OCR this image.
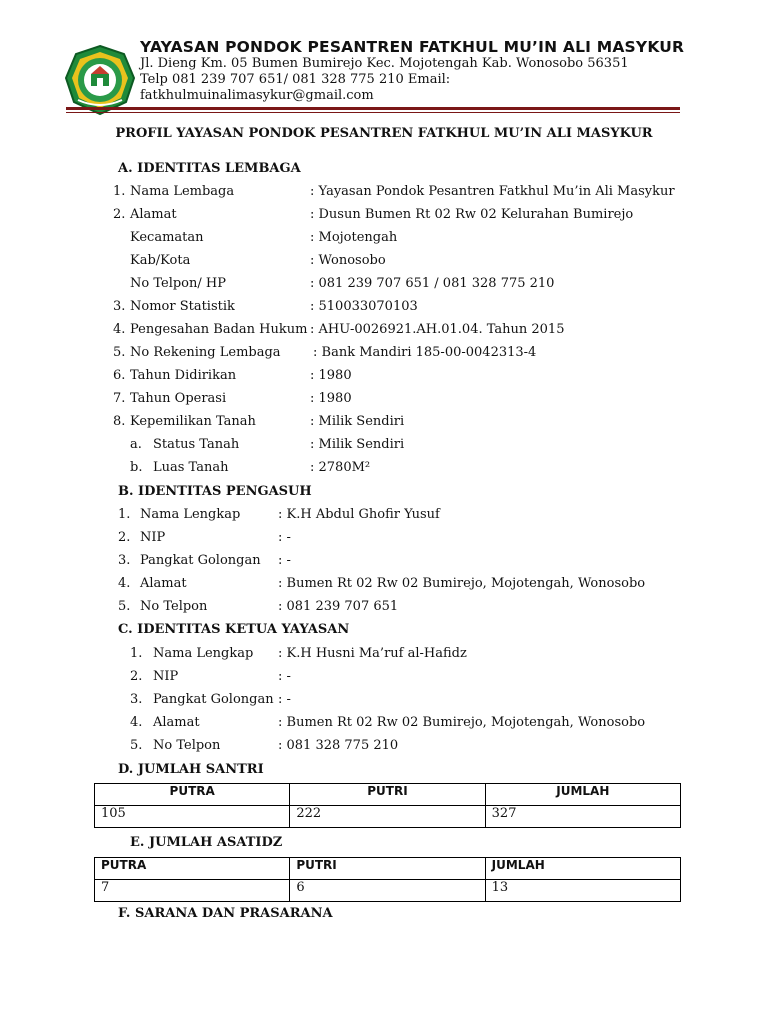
YAYASAN PONDOK PESANTREN FATKHUL MU’IN ALI MASYKUR
Jl. Dieng Km. 05 Bumen Bumirejo Kec. Mojotengah Kab. Wonosobo 56351
Telp 081 239 707 651/ 081 328 775 210 Email:
fatkhulmuinalimasykur@gmail.com
PROFIL YAYASAN PONDOK PESANTREN FATKHUL MU’IN ALI MASYKUR
A. IDENTITAS LEMBAGA
1. Nama Lembaga	: Yayasan Pondok Pesantren Fatkhul Mu’in Ali Masykur
2. Alamat	: Dusun Bumen Rt 02 Rw 02 Kelurahan Bumirejo
Kecamatan	: Mojotengah
Kab/Kota	: Wonosobo
No Telpon/ HP	: 081 239 707 651 / 081 328 775 210
3. Nomor Statistik	: 510033070103
4. Pengesahan Badan Hukum : AHU-0026921.AH.01.04. Tahun 2015
5. No Rekening Lembaga : Bank Mandiri 185-00-0042313-4
6. Tahun Didirikan	: 1980
7. Tahun Operasi	: 1980
8. Kepemilikan Tanah	: Milik Sendiri
a. Status Tanah	: Milik Sendiri
b. Luas Tanah	: 2780M²
B. IDENTITAS PENGASUH
1. Nama Lengkap	: K.H Abdul Ghofir Yusuf
2. NIP	: -
3. Pangkat Golongan : -
4. Alamat	: Bumen Rt 02 Rw 02 Bumirejo, Mojotengah, Wonosobo
5. No Telpon	: 081 239 707 651
C. IDENTITAS KETUA YAYASAN
1. Nama Lengkap : K.H Husni Ma’ruf al-Hafidz
2. NIP	: -
3. Pangkat Golongan : -
4. Alamat	: Bumen Rt 02 Rw 02 Bumirejo, Mojotengah, Wonosobo
5. No Telpon	: 081 328 775 210
D. JUMLAH SANTRI
PUTRA	PUTRI	JUMLAH
105	222	327
E. JUMLAH ASATIDZ
PUTRA	PUTRI	JUMLAH
7	6	13
F. SARANA DAN PRASARANA
